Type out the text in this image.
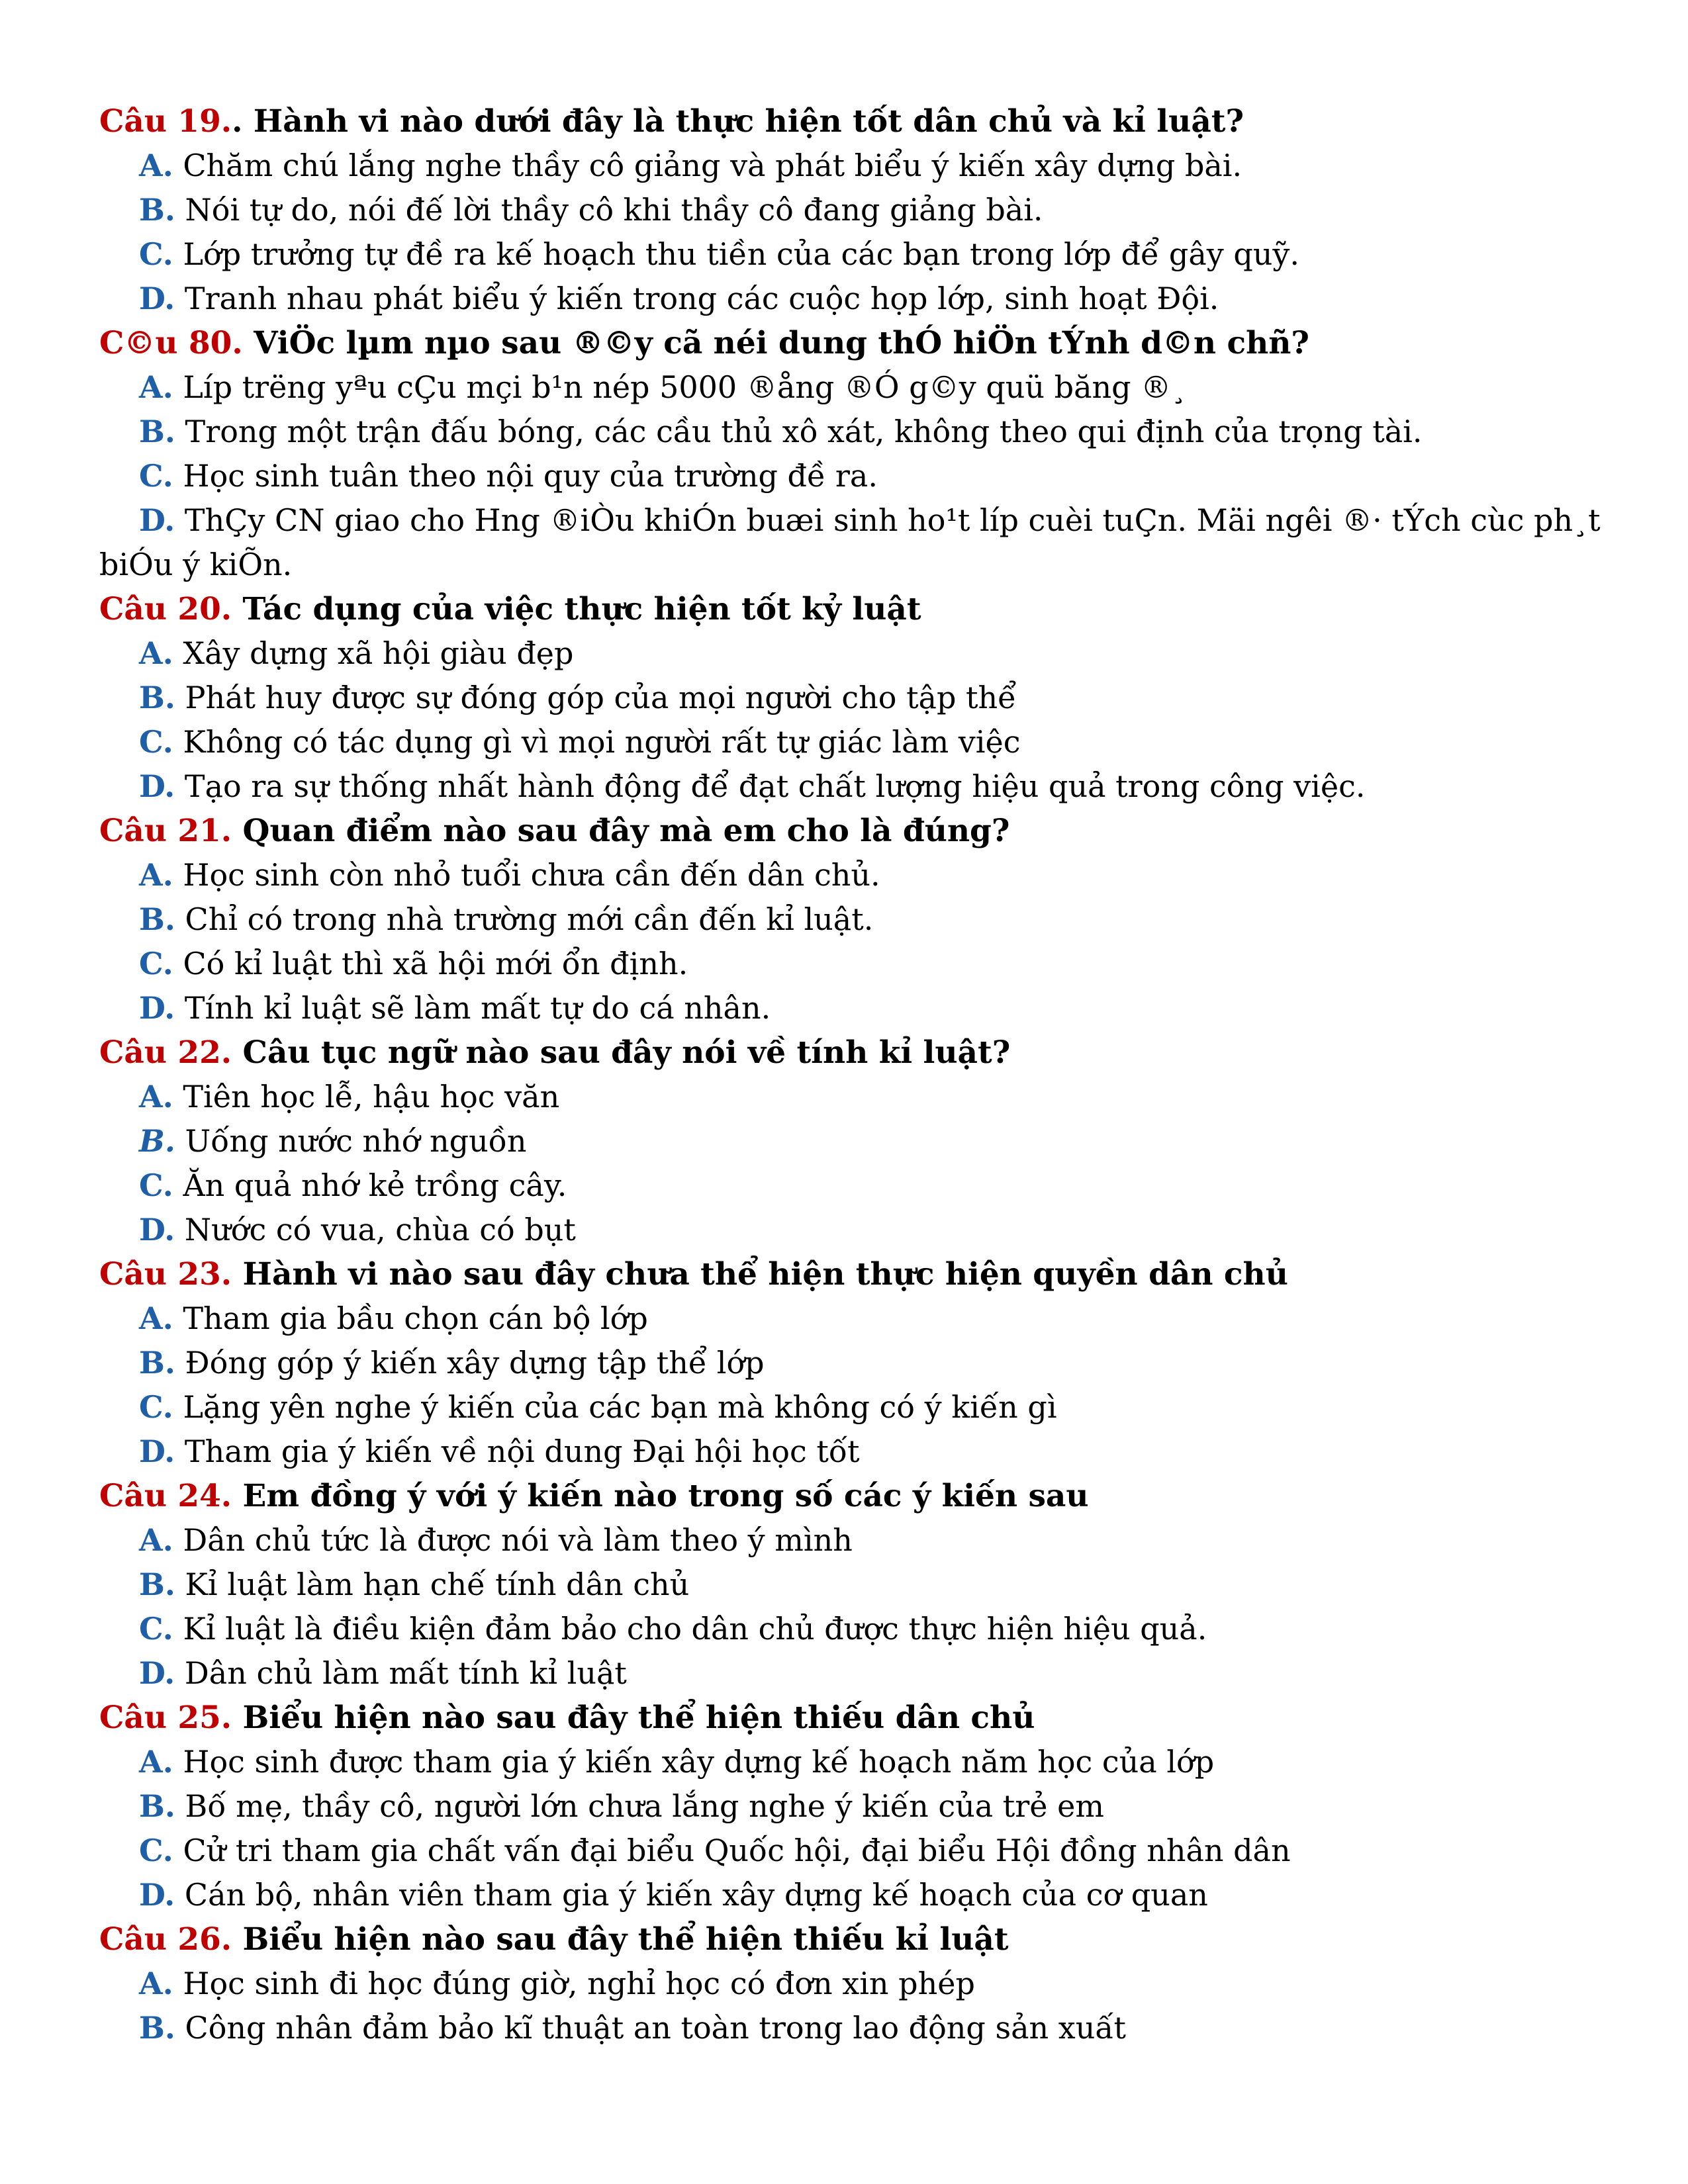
Câu 19.. Hành vi nào dưới đây là thực hiện tốt dân chủ và kỉ luật?
A. Chăm chú lắng nghe thầy cô giảng và phát biểu ý kiến xây dựng bài.
B. Nói tự do, nói đế lời thầy cô khi thầy cô đang giảng bài.
C. Lớp trưởng tự đề ra kế hoạch thu tiền của các bạn trong lớp để gây quỹ.
D. Tranh nhau phát biểu ý kiến trong các cuộc họp lớp, sinh hoạt Đội.
C©u 80. ViÖc lµm nµo sau ®©y cã néi dung thÓ hiÖn tÝnh d©n chñ?
A. Líp trëng yªu cÇu mçi b¹n nép 5000 ®ång ®Ó g©y quü băng ®¸
B. Trong một trận đấu bóng, các cầu thủ xô xát, không theo qui định của trọng tài.
C. Học sinh tuân theo nội quy của trường đề ra.
D. ThÇy CN giao cho Hng ®iÒu khiÓn buæi sinh ho¹t líp cuèi tuÇn. Mäi ngêi ®· tÝch cùc ph¸t biÓu ý kiÕn.
Câu 20. Tác dụng của việc thực hiện tốt kỷ luật
A. Xây dựng xã hội giàu đẹp
B. Phát huy được sự đóng góp của mọi người cho tập thể
C. Không có tác dụng gì vì mọi người rất tự giác làm việc
D. Tạo ra sự thống nhất hành động để đạt chất lượng hiệu quả trong công việc.
Câu 21. Quan điểm nào sau đây mà em cho là đúng?
A. Học sinh còn nhỏ tuổi chưa cần đến dân chủ.
B. Chỉ có trong nhà trường mới cần đến kỉ luật.
C. Có kỉ luật thì xã hội mới ổn định.
D. Tính kỉ luật sẽ làm mất tự do cá nhân.
Câu 22. Câu tục ngữ nào sau đây nói về tính kỉ luật?
A. Tiên học lễ, hậu học văn
B. Uống nước nhớ nguồn
C. Ăn quả nhớ kẻ trồng cây.
D. Nước có vua, chùa có bụt
Câu 23. Hành vi nào sau đây chưa thể hiện thực hiện quyền dân chủ
A. Tham gia bầu chọn cán bộ lớp
B. Đóng góp ý kiến xây dựng tập thể lớp
C. Lặng yên nghe ý kiến của các bạn mà không có ý kiến gì
D. Tham gia ý kiến về nội dung Đại hội học tốt
Câu 24. Em đồng ý với ý kiến nào trong số các ý kiến sau
A. Dân chủ tức là được nói và làm theo ý mình
B. Kỉ luật làm hạn chế tính dân chủ
C. Kỉ luật là điều kiện đảm bảo cho dân chủ được thực hiện hiệu quả.
D. Dân chủ làm mất tính kỉ luật
Câu 25. Biểu hiện nào sau đây thể hiện thiếu dân chủ
A. Học sinh được tham gia ý kiến xây dựng kế hoạch năm học của lớp
B. Bố mẹ, thầy cô, người lớn chưa lắng nghe ý kiến của trẻ em
C. Cử tri tham gia chất vấn đại biểu Quốc hội, đại biểu Hội đồng nhân dân
D. Cán bộ, nhân viên tham gia ý kiến xây dựng kế hoạch của cơ quan
Câu 26. Biểu hiện nào sau đây thể hiện thiếu kỉ luật
A. Học sinh đi học đúng giờ, nghỉ học có đơn xin phép
B. Công nhân đảm bảo kĩ thuật an toàn trong lao động sản xuất
